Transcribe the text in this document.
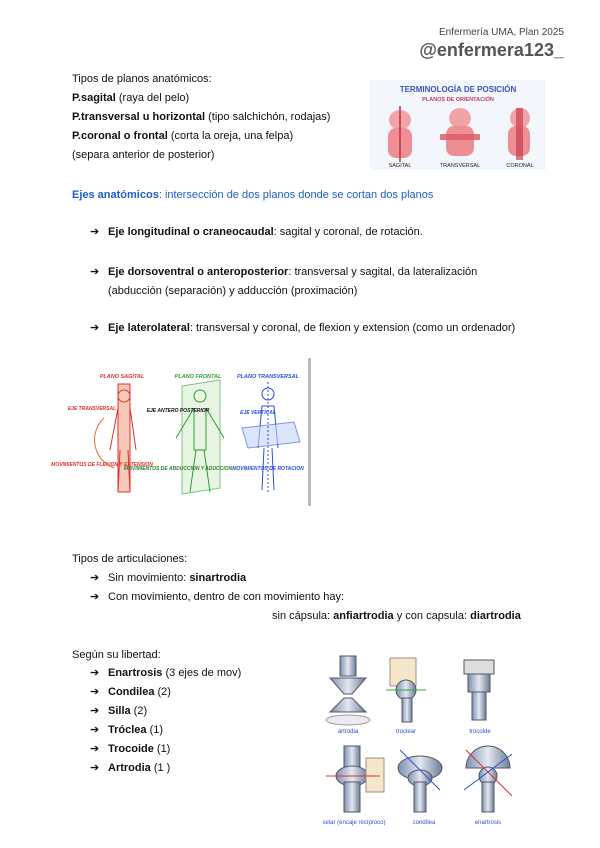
Enfermería UMA, Plan 2025
@enfermera123_
Tipos de planos anatómicos:
P.sagital (raya del pelo)
P.transversal u horizontal (tipo salchichón, rodajas)
P.coronal o frontal (corta la oreja, una felpa)
(separa anterior de posterior)
TERMINOLOGÍA DE POSICIÓN
PLANOS DE ORIENTACIÓN
SAGITAL	TRANSVERSAL	CORONAL
Ejes anatómicos: intersección de dos planos donde se cortan dos planos
➔ Eje longitudinal o craneocaudal: sagital y coronal, de rotación.
➔ Eje dorsoventral o anteroposterior: transversal y sagital, da lateralización
(abducción (separación) y adducción (proximación)
➔ Eje laterolateral: transversal y coronal, de flexion y extension (como un ordenador)
PLANO SAGITAL	PLANO FRONTAL	PLANO TRANSVERSAL
EJE TRANSVERSAL	EJE ANTERO POSTERIOR	EJE VERTICAL
MOVIMIENTOS DE FLEXION Y EXTENSION
MOVIMIENTOS DE ABDUCCION Y ADUCCION MOVIMIENTOS DE ROTACION
Tipos de articulaciones:
➔ Sin movimiento: sinartrodia
➔ Con movimiento, dentro de con movimiento hay:
sin cápsula: anfiartrodia y con capsula: diartrodia
Según su libertad:
➔ Enartrosis (3 ejes de mov)
➔ Condilea (2)
➔ Silla (2)
➔ Tróclea (1)
➔ Trocoide (1)
➔ Artrodia (1 )
artrodia	troclear	trocoide
selar (encaje recíproco)	condílea	enartrosis
